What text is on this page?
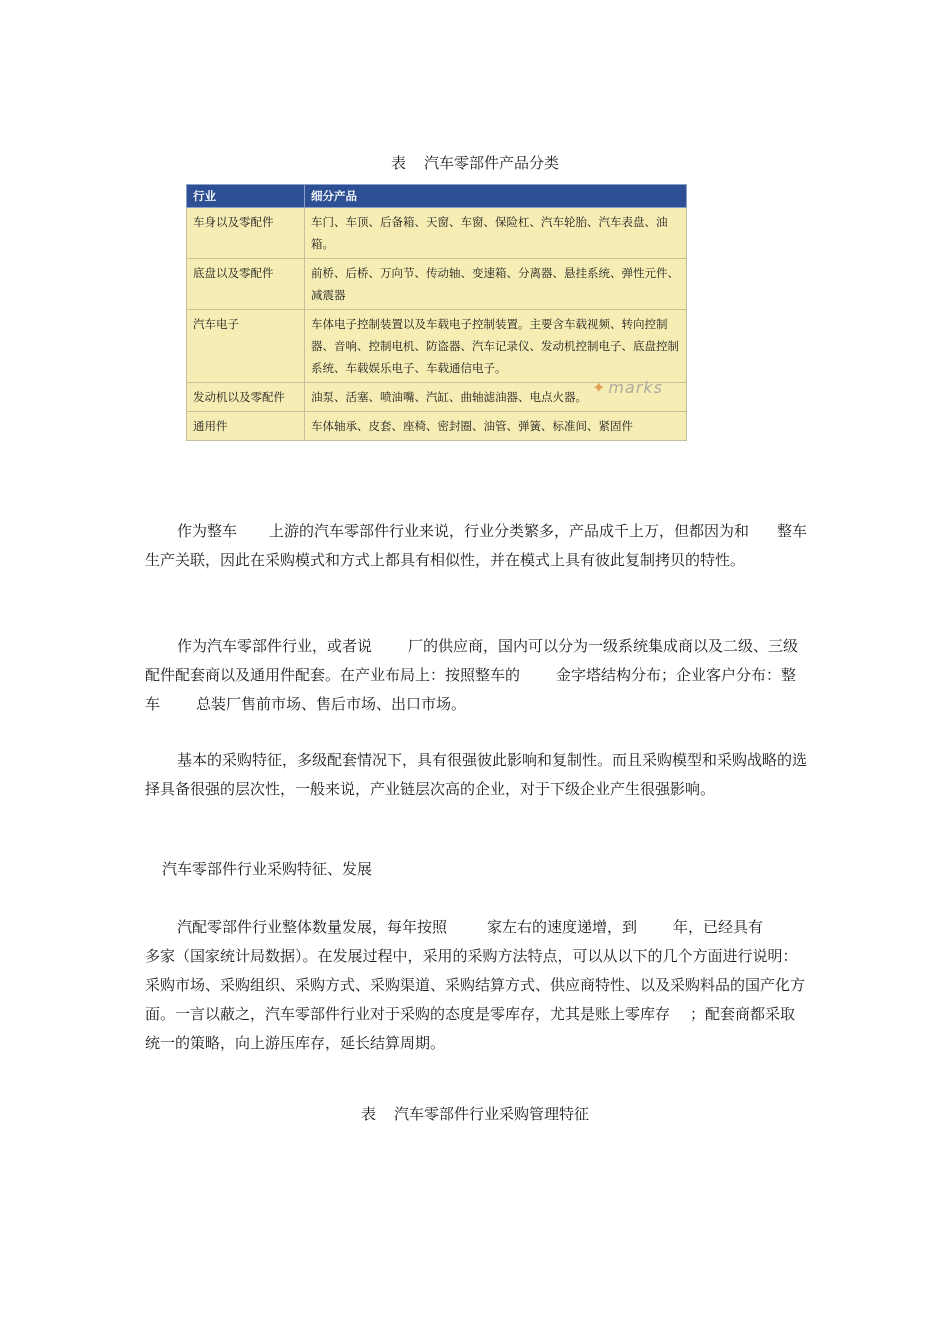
表 汽车零部件产品分类
行业	细分产品
车身以及零配件	车门、车顶、后备箱、天窗、车窗、保险杠、汽车轮胎、汽车表盘、油箱。
底盘以及零配件	前桥、后桥、万向节、传动轴、变速箱、分离器、悬挂系统、弹性元件、减震器
汽车电子	车体电子控制装置以及车载电子控制装置。主要含车载视频、转向控制器、音响、控制电机、防盗器、汽车记录仪、发动机控制电子、底盘控制系统、车载娱乐电子、车载通信电子。
发动机以及零配件	油泵、活塞、喷油嘴、汽缸、曲轴滤油器、电点火器。
通用件	车体轴承、皮套、座椅、密封圈、油管、弹簧、标准间、紧固件
✦ marks

作为整车 上游的汽车零部件行业来说，行业分类繁多，产品成千上万，但都因为和 整车生产关联，因此在采购模式和方式上都具有相似性，并在模式上具有彼此复制拷贝的特性。

作为汽车零部件行业，或者说 厂的供应商，国内可以分为一级系统集成商以及二级、三级配件配套商以及通用件配套。在产业布局上：按照整车的 金字塔结构分布；企业客户分布：整车 总装厂售前市场、售后市场、出口市场。

基本的采购特征，多级配套情况下，具有很强彼此影响和复制性。而且采购模型和采购战略的选择具备很强的层次性，一般来说，产业链层次高的企业，对于下级企业产生很强影响。

汽车零部件行业采购特征、发展

汽配零部件行业整体数量发展，每年按照	家左右的速度递增，到 年，已经具有多家（国家统计局数据）。在发展过程中，采用的采购方法特点，可以从以下的几个方面进行说明：采购市场、采购组织、采购方式、采购渠道、采购结算方式、供应商特性、以及采购料品的国产化方面。一言以蔽之，汽车零部件行业对于采购的态度是零库存，尤其是账上零库存 ；配套商都采取统一的策略，向上游压库存，延长结算周期。

表 汽车零部件行业采购管理特征
